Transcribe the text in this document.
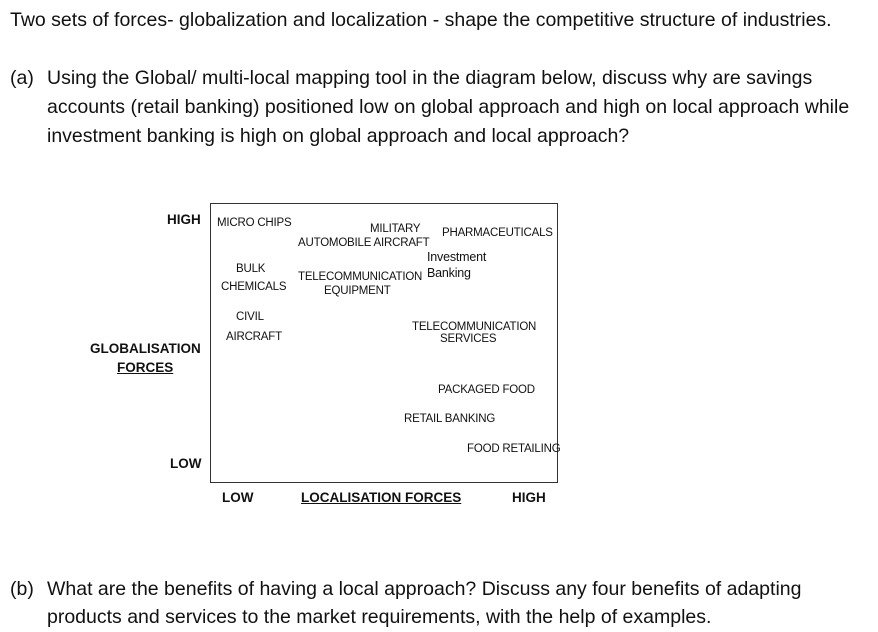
Two sets of forces- globalization and localization - shape the competitive structure of industries.
(a) Using the Global/ multi-local mapping tool in the diagram below, discuss why are savings
accounts (retail banking) positioned low on global approach and high on local approach while
investment banking is high on global approach and local approach?
HIGH
LOW
GLOBALISATION
FORCES
LOW	LOCALISATION FORCES	HIGH
MICRO CHIPS	MILITARY
AUTOMOBILE AIRCRAFT
PHARMACEUTICALS
Investment
Banking
BULK
CHEMICALS
TELECOMMUNICATION
EQUIPMENT
CIVIL
AIRCRAFT
TELECOMMUNICATION
SERVICES
PACKAGED FOOD
RETAIL BANKING
FOOD RETAILING
(b) What are the benefits of having a local approach? Discuss any four benefits of adapting
products and services to the market requirements, with the help of examples.
